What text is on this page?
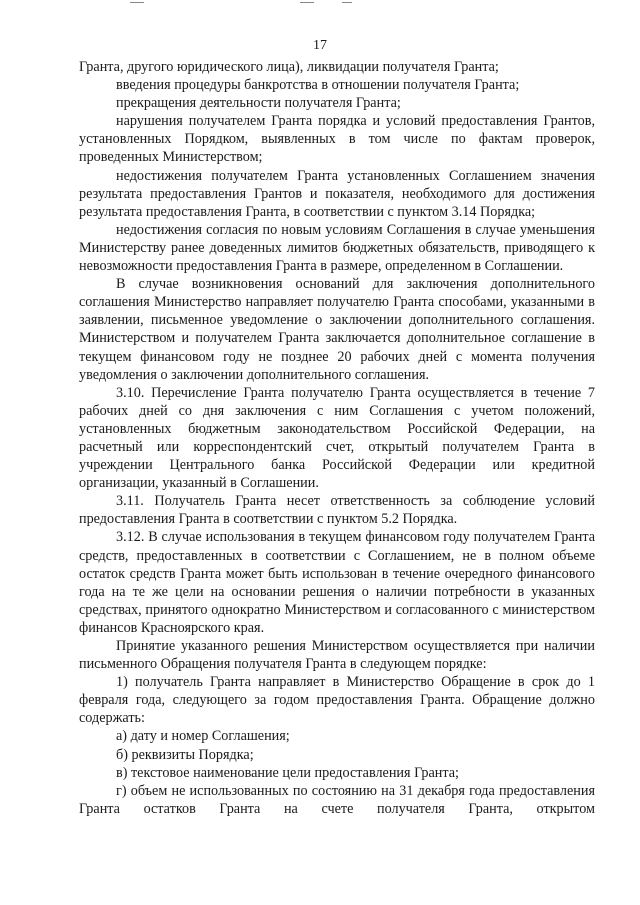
17

Гранта, другого юридического лица), ликвидации получателя Гранта;

введения процедуры банкротства в отношении получателя Гранта;

прекращения деятельности получателя Гранта;

нарушения получателем Гранта порядка и условий предоставления Грантов, установленных Порядком, выявленных в том числе по фактам проверок, проведенных Министерством;

недостижения получателем Гранта установленных Соглашением значения результата предоставления Грантов и показателя, необходимого для достижения результата предоставления Гранта, в соответствии с пунктом 3.14 Порядка;

недостижения согласия по новым условиям Соглашения в случае уменьшения Министерству ранее доведенных лимитов бюджетных обязательств, приводящего к невозможности предоставления Гранта в размере, определенном в Соглашении.

В случае возникновения оснований для заключения дополнительного соглашения Министерство направляет получателю Гранта способами, указанными в заявлении, письменное уведомление о заключении дополнительного соглашения. Министерством и получателем Гранта заключается дополнительное соглашение в текущем финансовом году не позднее 20 рабочих дней с момента получения уведомления о заключении дополнительного соглашения.

3.10. Перечисление Гранта получателю Гранта осуществляется в течение 7 рабочих дней со дня заключения с ним Соглашения с учетом положений, установленных бюджетным законодательством Российской Федерации, на расчетный или корреспондентский счет, открытый получателем Гранта в учреждении Центрального банка Российской Федерации или кредитной организации, указанный в Соглашении.

3.11. Получатель Гранта несет ответственность за соблюдение условий предоставления Гранта в соответствии с пунктом 5.2 Порядка.

3.12. В случае использования в текущем финансовом году получателем Гранта средств, предоставленных в соответствии с Соглашением, не в полном объеме остаток средств Гранта может быть использован в течение очередного финансового года на те же цели на основании решения о наличии потребности в указанных средствах, принятого однократно Министерством и согласованного с министерством финансов Красноярского края.

Принятие указанного решения Министерством осуществляется при наличии письменного Обращения получателя Гранта в следующем порядке:

1) получатель Гранта направляет в Министерство Обращение в срок до 1 февраля года, следующего за годом предоставления Гранта. Обращение должно содержать:

а) дату и номер Соглашения;

б) реквизиты Порядка;

в) текстовое наименование цели предоставления Гранта;

г) объем не использованных по состоянию на 31 декабря года предоставления Гранта остатков Гранта на счете получателя Гранта, открытом
